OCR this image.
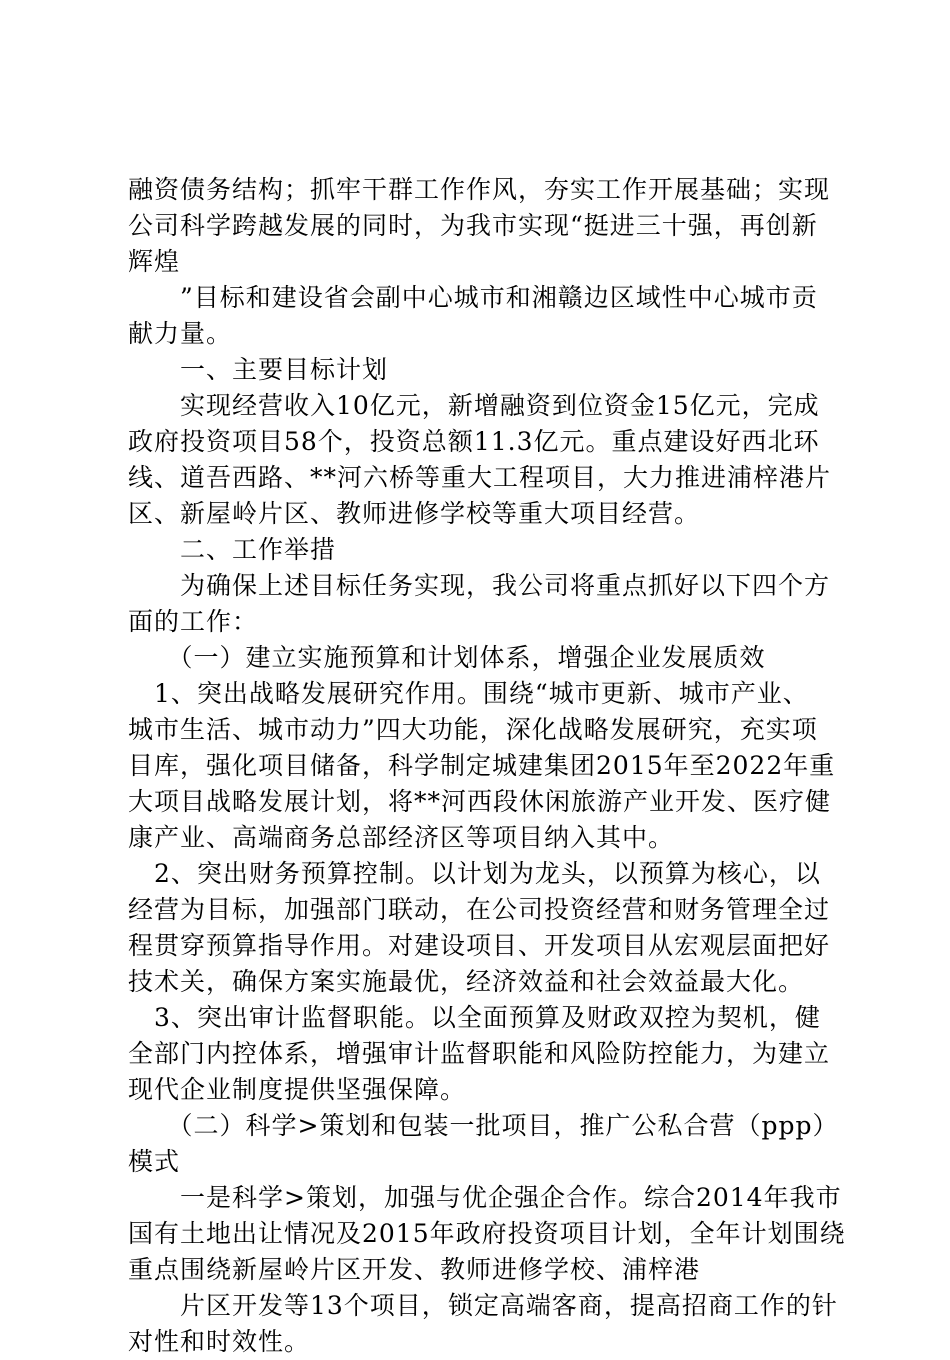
融资债务结构；抓牢干群工作作风，夯实工作开展基础；实现
公司科学跨越发展的同时，为我市实现“挺进三十强，再创新
辉煌
　　”目标和建设省会副中心城市和湘赣边区域性中心城市贡
献力量。
　　一、主要目标计划
　　实现经营收入10亿元，新增融资到位资金15亿元，完成
政府投资项目58个，投资总额11.3亿元。重点建设好西北环
线、道吾西路、**河六桥等重大工程项目，大力推进浦梓港片
区、新屋岭片区、教师进修学校等重大项目经营。
　　二、工作举措
　　为确保上述目标任务实现，我公司将重点抓好以下四个方
面的工作：
　　（一）建立实施预算和计划体系，增强企业发展质效
　1、突出战略发展研究作用。围绕“城市更新、城市产业、
城市生活、城市动力”四大功能，深化战略发展研究，充实项
目库，强化项目储备，科学制定城建集团2015年至2022年重
大项目战略发展计划，将**河西段休闲旅游产业开发、医疗健
康产业、高端商务总部经济区等项目纳入其中。
　2、突出财务预算控制。以计划为龙头，以预算为核心，以
经营为目标，加强部门联动，在公司投资经营和财务管理全过
程贯穿预算指导作用。对建设项目、开发项目从宏观层面把好
技术关，确保方案实施最优，经济效益和社会效益最大化。
　3、突出审计监督职能。以全面预算及财政双控为契机，健
全部门内控体系，增强审计监督职能和风险防控能力，为建立
现代企业制度提供坚强保障。
　　（二）科学>策划和包装一批项目，推广公私合营（ppp）
模式
　　一是科学>策划，加强与优企强企合作。综合2014年我市
国有土地出让情况及2015年政府投资项目计划，全年计划围绕
重点围绕新屋岭片区开发、教师进修学校、浦梓港
　　片区开发等13个项目，锁定高端客商，提高招商工作的针
对性和时效性。
